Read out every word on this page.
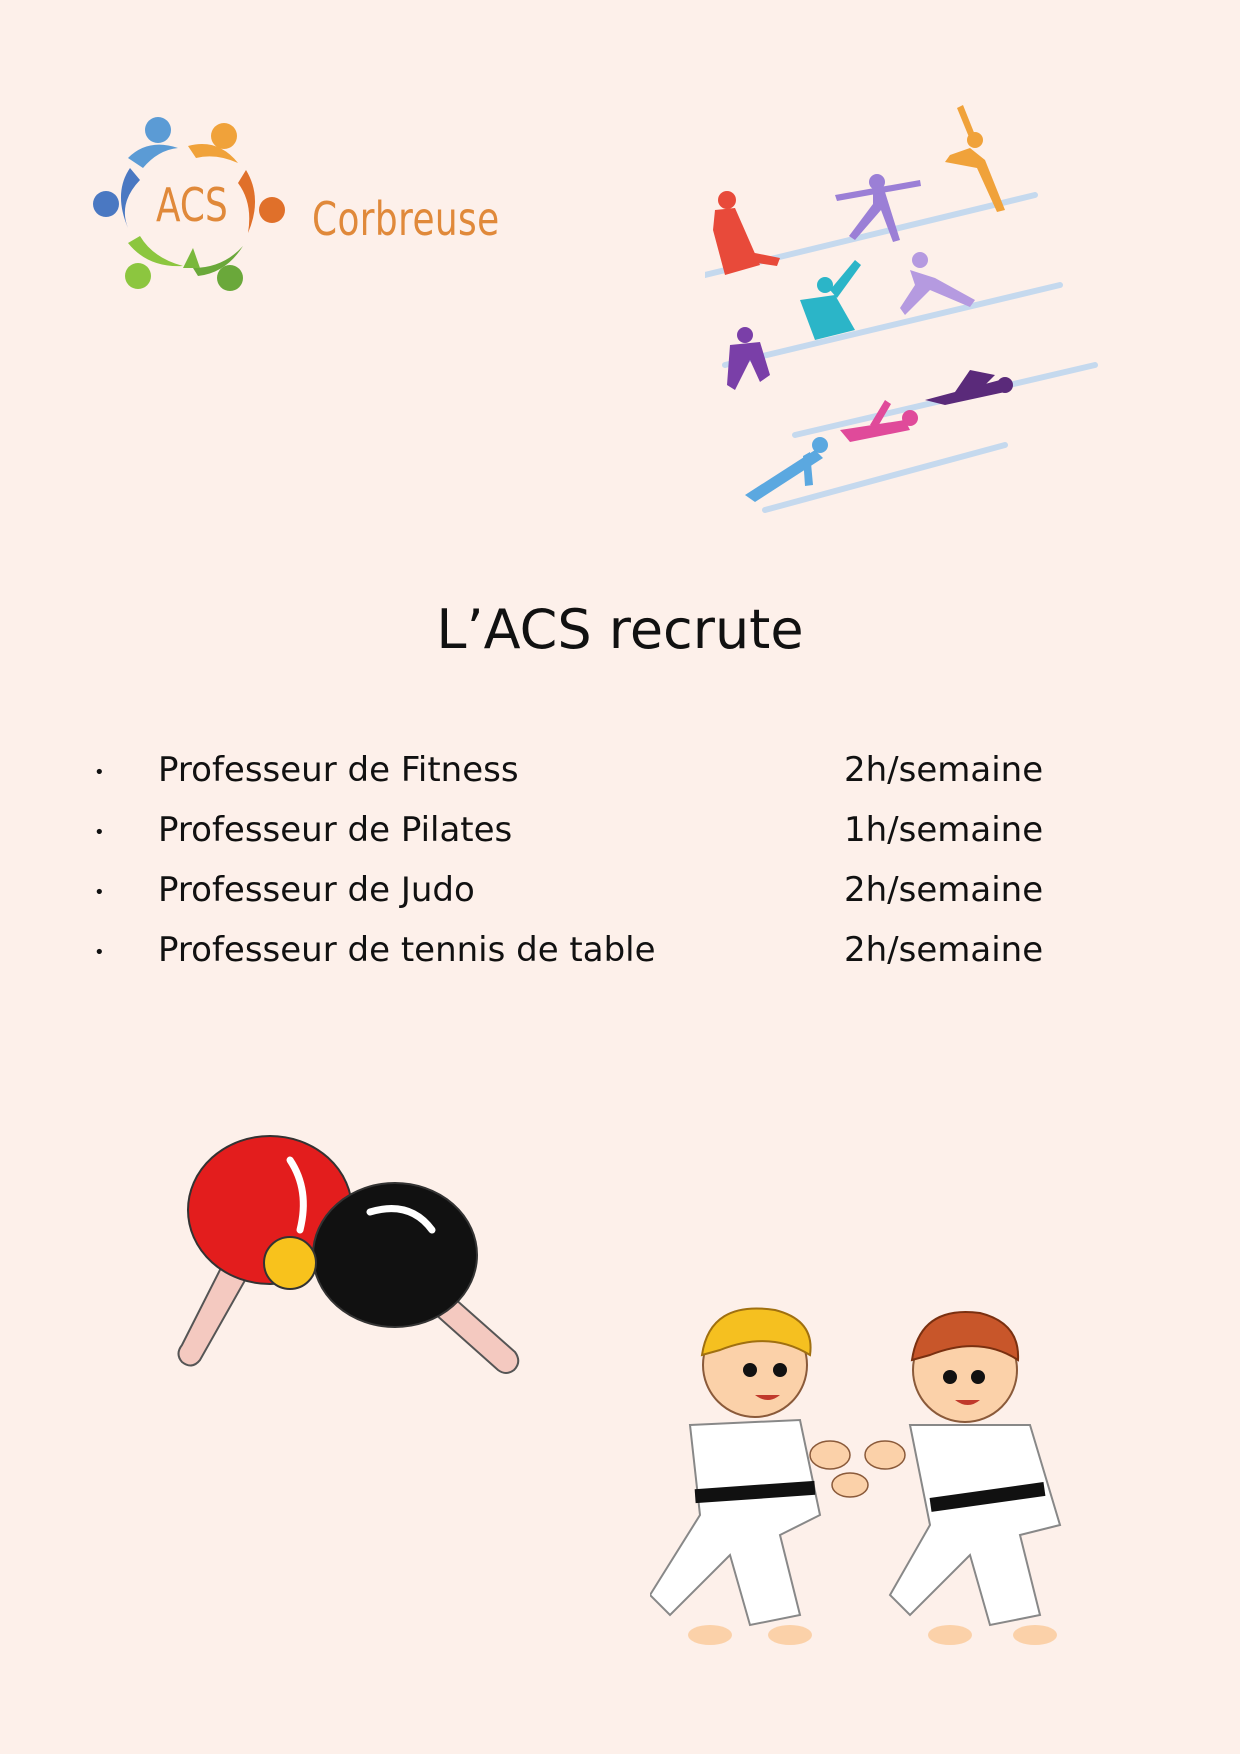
ACS Corbreuse
L’ACS recrute
• Professeur de Fitness	2h/semaine
• Professeur de Pilates	1h/semaine
• Professeur de Judo	2h/semaine
• Professeur de tennis de table	2h/semaine
